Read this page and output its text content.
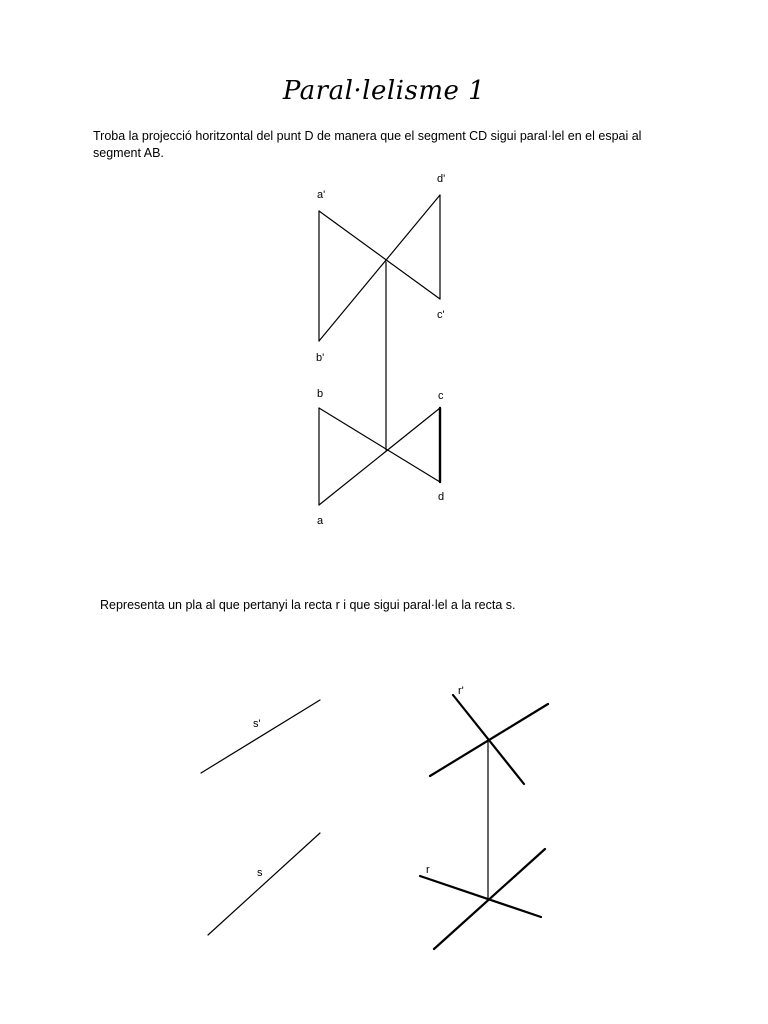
Paral·lelisme 1
Troba la projecció horitzontal del punt D de manera que el segment CD sigui paral·lel en el espai al segment AB.
Representa un pla al que pertanyi la recta r i que sigui paral·lel a la recta s.
a'
d'
c'
b'
b	c
d
a
s'
s
r'
r
